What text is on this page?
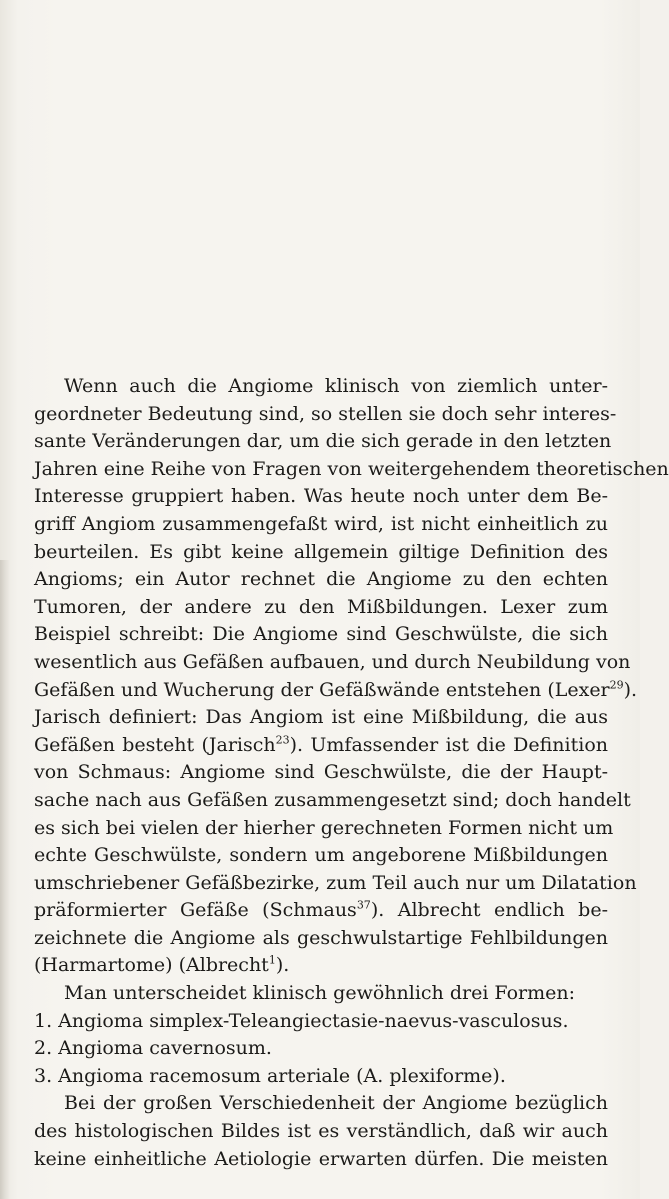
Wenn auch die Angiome klinisch von ziemlich unter-
geordneter Bedeutung sind, so stellen sie doch sehr interes-
sante Veränderungen dar, um die sich gerade in den letzten
Jahren eine Reihe von Fragen von weitergehendem theoretischen
Interesse gruppiert haben. Was heute noch unter dem Be-
griff Angiom zusammengefaßt wird, ist nicht einheitlich zu
beurteilen. Es gibt keine allgemein giltige Definition des
Angioms; ein Autor rechnet die Angiome zu den echten
Tumoren, der andere zu den Mißbildungen. Lexer zum
Beispiel schreibt: Die Angiome sind Geschwülste, die sich
wesentlich aus Gefäßen aufbauen, und durch Neubildung von
Gefäßen und Wucherung der Gefäßwände entstehen (Lexer$^{29}$).
Jarisch definiert: Das Angiom ist eine Mißbildung, die aus
Gefäßen besteht (Jarisch$^{23}$). Umfassender ist die Definition
von Schmaus: Angiome sind Geschwülste, die der Haupt-
sache nach aus Gefäßen zusammengesetzt sind; doch handelt
es sich bei vielen der hierher gerechneten Formen nicht um
echte Geschwülste, sondern um angeborene Mißbildungen
umschriebener Gefäßbezirke, zum Teil auch nur um Dilatation
präformierter Gefäße (Schmaus$^{37}$). Albrecht endlich be-
zeichnete die Angiome als geschwulstartige Fehlbildungen
(Harmartome) (Albrecht$^1$).
Man unterscheidet klinisch gewöhnlich drei Formen:
1. Angioma simplex-Teleangiectasie-naevus-vasculosus.
2. Angioma cavernosum.
3. Angioma racemosum arteriale (A. plexiforme).
Bei der großen Verschiedenheit der Angiome bezüglich
des histologischen Bildes ist es verständlich, daß wir auch
keine einheitliche Aetiologie erwarten dürfen. Die meisten
